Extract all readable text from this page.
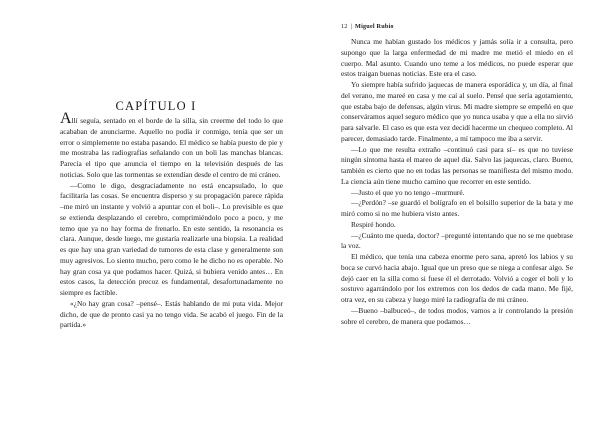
CAPÍTULO I

Allí seguía, sentado en el borde de la silla, sin creerme del todo lo que acababan de anunciarme. Aquello no podía ir conmigo, tenía que ser un error o simplemente no estaba pasando. El médico se había puesto de pie y me mostraba las radiografías señalando con un boli las manchas blancas. Parecía el tipo que anuncia el tiempo en la televisión después de las noticias. Solo que las tormentas se extendían desde el centro de mi cráneo.

—Como le digo, desgraciadamente no está encapsulado, lo que facilitaría las cosas. Se encuentra disperso y su propagación parece rápida –me miró un instante y volvió a apuntar con el boli–. Lo previsible es que se extienda desplazando el cerebro, comprimiéndolo poco a poco, y me temo que ya no hay forma de frenarlo. En este sentido, la resonancia es clara. Aunque, desde luego, me gustaría realizarle una biopsia. La realidad es que hay una gran variedad de tumores de esta clase y generalmente son muy agresivos. Lo siento mucho, pero como le he dicho no es operable. No hay gran cosa ya que podamos hacer. Quizá, si hubiera venido antes… En estos casos, la detección precoz es fundamental, desafortunadamente no siempre es factible.

«¿No hay gran cosa? –pensé–. Estás hablando de mi puta vida. Mejor dicho, de que de pronto casi ya no tengo vida. Se acabó el juego. Fin de la partida.»

12 | Miguel Rubio

Nunca me habían gustado los médicos y jamás solía ir a consulta, pero supongo que la larga enfermedad de mi madre me metió el miedo en el cuerpo. Mal asunto. Cuando uno teme a los médicos, no puede esperar que estos traigan buenas noticias. Este era el caso.

Yo siempre había sufrido jaquecas de manera esporádica y, un día, al final del verano, me mareé en casa y me caí al suelo. Pensé que sería agotamiento, que estaba bajo de defensas, algún virus. Mi madre siempre se empeñó en que conserváramos aquel seguro médico que yo nunca usaba y que a ella no sirvió para salvarle. El caso es que esta vez decidí hacerme un chequeo completo. Al parecer, demasiado tarde. Finalmente, a mí tampoco me iba a servir.

—Lo que me resulta extraño –continuó casi para sí– es que no tuviese ningún síntoma hasta el mareo de aquel día. Salvo las jaquecas, claro. Bueno, también es cierto que no en todas las personas se manifiesta del mismo modo. La ciencia aún tiene mucho camino que recorrer en este sentido.

—Justo el que yo no tengo –murmuré.

—¿Perdón? –se guardó el bolígrafo en el bolsillo superior de la bata y me miró como si no me hubiera visto antes.

Respiré hondo.

—¿Cuánto me queda, doctor? –pregunté intentando que no se me quebrase la voz.

El médico, que tenía una cabeza enorme pero sana, apretó los labios y su boca se curvó hacia abajo. Igual que un preso que se niega a confesar algo. Se dejó caer en la silla como si fuese él el derrotado. Volvió a coger el boli y lo sostuvo agarrándolo por los extremos con los dedos de cada mano. Me fijé, otra vez, en su cabeza y luego miré la radiografía de mi cráneo.

—Bueno –balbuceó–, de todos modos, vamos a ir controlando la presión sobre el cerebro, de manera que podamos…
